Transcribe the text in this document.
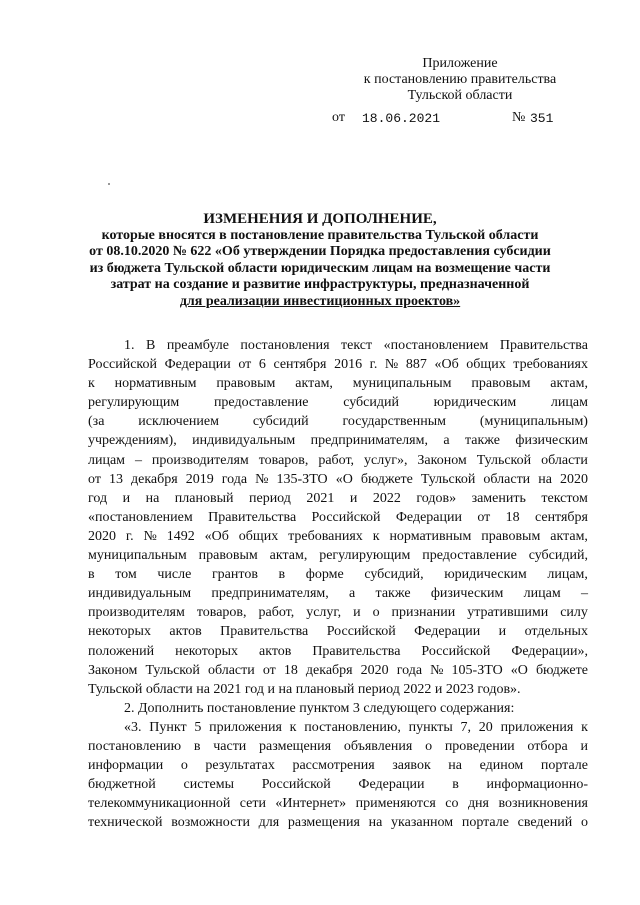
Приложение
к постановлению правительства
Тульской области
от 18.06.2021	№ 351
ИЗМЕНЕНИЯ И ДОПОЛНЕНИЕ,
которые вносятся в постановление правительства Тульской области
от 08.10.2020 № 622 «Об утверждении Порядка предоставления субсидии
из бюджета Тульской области юридическим лицам на возмещение части
затрат на создание и развитие инфраструктуры, предназначенной
для реализации инвестиционных проектов»
1. В преамбуле постановления текст «постановлением Правительства
Российской Федерации от 6 сентября 2016 г. № 887 «Об общих требованиях
к нормативным правовым актам, муниципальным правовым актам,
регулирующим предоставление субсидий юридическим лицам
(за исключением субсидий государственным (муниципальным)
учреждениям), индивидуальным предпринимателям, а также физическим
лицам – производителям товаров, работ, услуг», Законом Тульской области
от 13 декабря 2019 года № 135-ЗТО «О бюджете Тульской области на 2020
год и на плановый период 2021 и 2022 годов» заменить текстом
«постановлением Правительства Российской Федерации от 18 сентября
2020 г. № 1492 «Об общих требованиях к нормативным правовым актам,
муниципальным правовым актам, регулирующим предоставление субсидий,
в том числе грантов в форме субсидий, юридическим лицам,
индивидуальным предпринимателям, а также физическим лицам –
производителям товаров, работ, услуг, и о признании утратившими силу
некоторых актов Правительства Российской Федерации и отдельных
положений некоторых актов Правительства Российской Федерации»,
Законом Тульской области от 18 декабря 2020 года № 105-ЗТО «О бюджете
Тульской области на 2021 год и на плановый период 2022 и 2023 годов».
2. Дополнить постановление пунктом 3 следующего содержания:
«3. Пункт 5 приложения к постановлению, пункты 7, 20 приложения к
постановлению в части размещения объявления о проведении отбора и
информации о результатах рассмотрения заявок на едином портале
бюджетной системы Российской Федерации в информационно-
телекоммуникационной сети «Интернет» применяются со дня возникновения
технической возможности для размещения на указанном портале сведений о
